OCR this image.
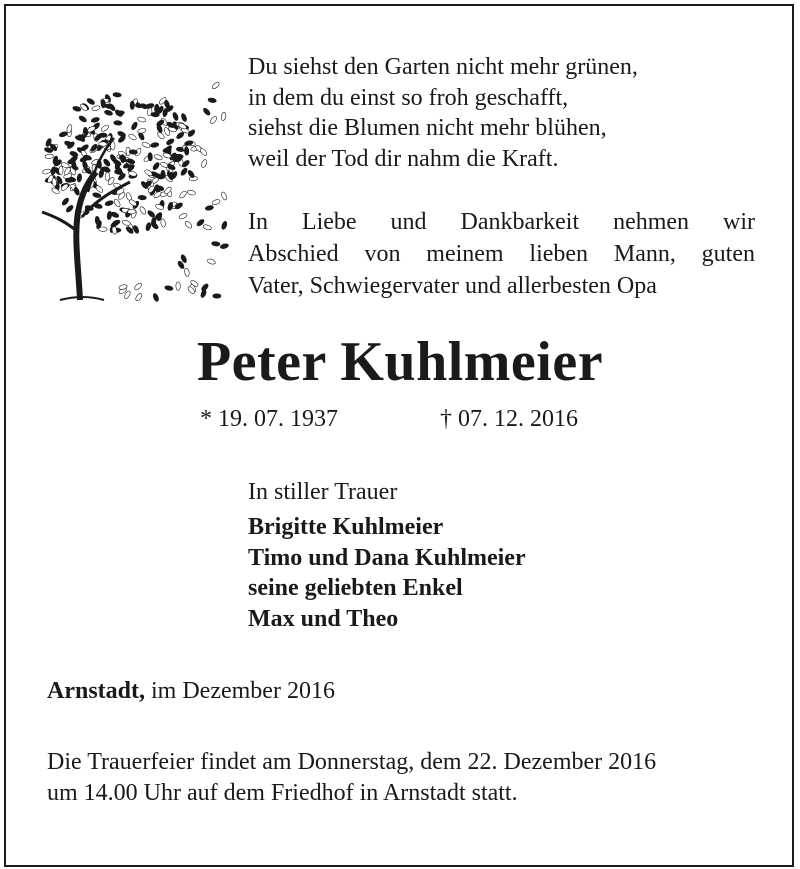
Du siehst den Garten nicht mehr grünen,
in dem du einst so froh geschafft,
siehst die Blumen nicht mehr blühen,
weil der Tod dir nahm die Kraft.
In Liebe und Dankbarkeit nehmen wir
Abschied von meinem lieben Mann, guten
Vater, Schwiegervater und allerbesten Opa
Peter Kuhlmeier
* 19. 07. 1937	† 07. 12. 2016
In stiller Trauer
Brigitte Kuhlmeier
Timo und Dana Kuhlmeier
seine geliebten Enkel
Max und Theo
Arnstadt, im Dezember 2016
Die Trauerfeier findet am Donnerstag, dem 22. Dezember 2016
um 14.00 Uhr auf dem Friedhof in Arnstadt statt.
